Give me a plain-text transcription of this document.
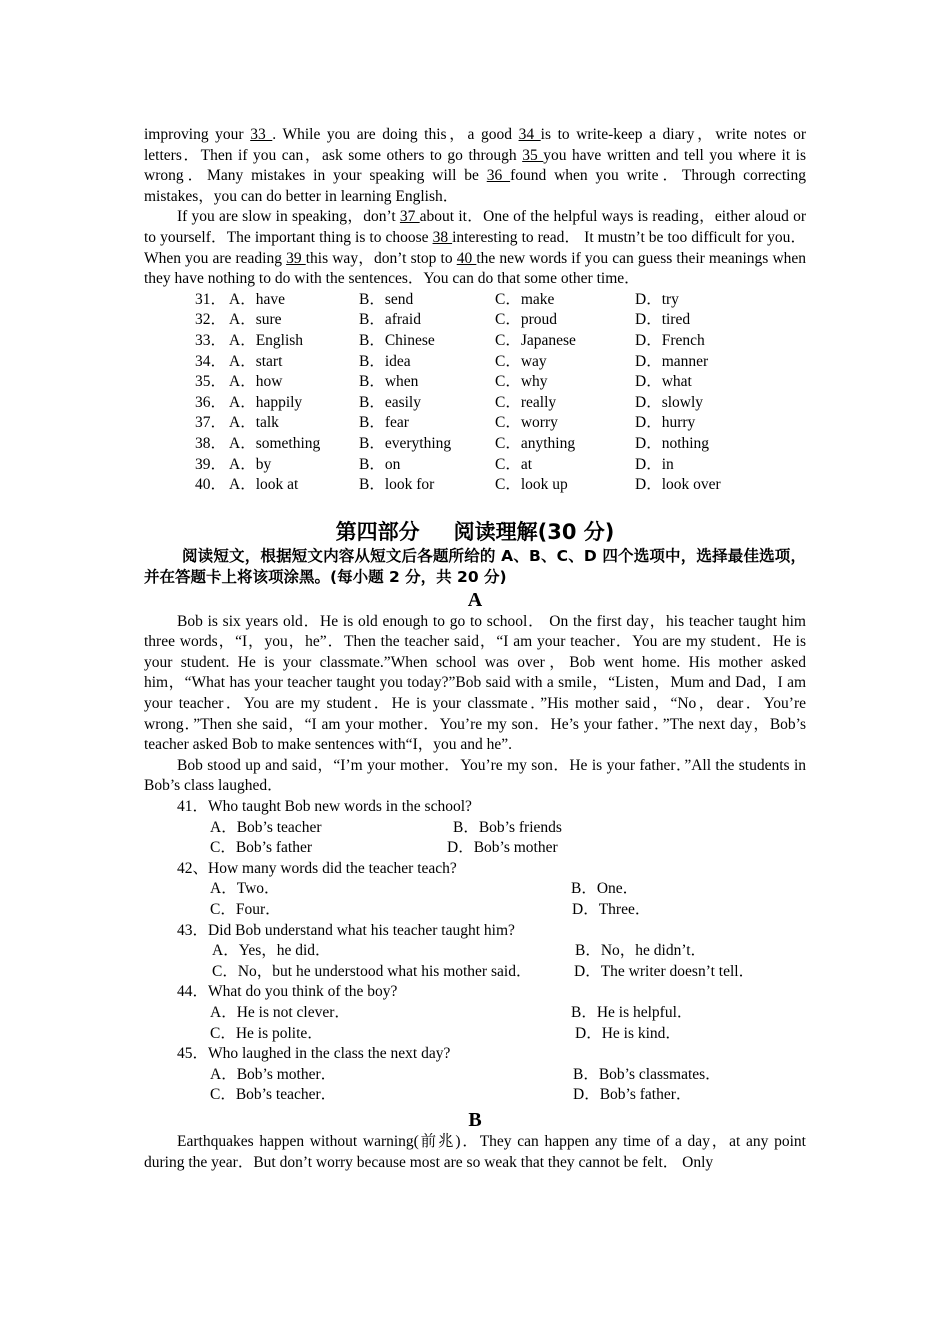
improving your 33 . While you are doing this，a good 34 is to write-keep a diary，write notes or letters．Then if you can，ask some others to go through 35 you have written and tell you where it is wrong．Many mistakes in your speaking will be 36 found when you write．Through correcting mistakes，you can do better in learning English．

If you are slow in speaking，don’t 37 about it．One of the helpful ways is reading，either aloud or to yourself．The important thing is to choose 38 interesting to read． It mustn’t be too difficult for you．When you are reading 39 this way，don’t stop to 40 the new words if you can guess their meanings when they have nothing to do with the sentences．You can do that some other time．

31． A．have	B．send	C．make	D．try
32． A．sure	B．afraid	C．proud	D．tired
33． A．English	B．Chinese	C．Japanese	D．French
34． A．start	B．idea	C．way	D．manner
35． A．how	B．when	C．why	D．what
36． A．happily	B．easily	C．really	D．slowly
37． A．talk	B．fear	C．worry	D．hurry
38． A．something B．everything	C．anything	D．nothing
39． A．by	B．on	C．at	D．in
40． A．look at	B．look for	C．look up	D．look over

第四部分 阅读理解(30 分)

阅读短文，根据短文内容从短文后各题所给的 A、B、C、D 四个选项中，选择最佳选项，并在答题卡上将该项涂黑。(每小题 2 分，共 20 分)

A

Bob is six years old．He is old enough to go to school． On the first day，his teacher taught him three words，“I，you，he”．Then the teacher said，“I am your teacher．You are my student．He is your student. He is your classmate.”When school was over，Bob went home. His mother asked him，“What has your teacher taught you today?”Bob said with a smile，“Listen，Mum and Dad，I am your teacher．You are my student．He is your classmate．”His mother said，“No，dear．You’re wrong．”Then she said，“I am your mother．You’re my son．He’s your father．”The next day，Bob’s teacher asked Bob to make sentences with“I，you and he”.

Bob stood up and said，“I’m your mother．You’re my son．He is your father．”All the students in Bob’s class laughed．

41．Who taught Bob new words in the school?

A．Bob’s teacher	B．Bob’s friends
C．Bob’s father	D．Bob’s mother

42、How many words did the teacher teach?

A．Two．	B．One．
C．Four．	D．Three．

43．Did Bob understand what his teacher taught him?

A．Yes，he did．	B．No，he didn’t．
C．No，but he understood what his mother said．	D．The writer doesn’t tell．

44．What do you think of the boy?

A．He is not clever．	B．He is helpful．
C．He is polite．	D．He is kind．

45．Who laughed in the class the next day?

A．Bob’s mother．	B．Bob’s classmates．
C．Bob’s teacher．	D．Bob’s father．

B

Earthquakes happen without warning(前兆)．They can happen any time of a day，at any point during the year．But don’t worry because most are so weak that they cannot be felt． Only
